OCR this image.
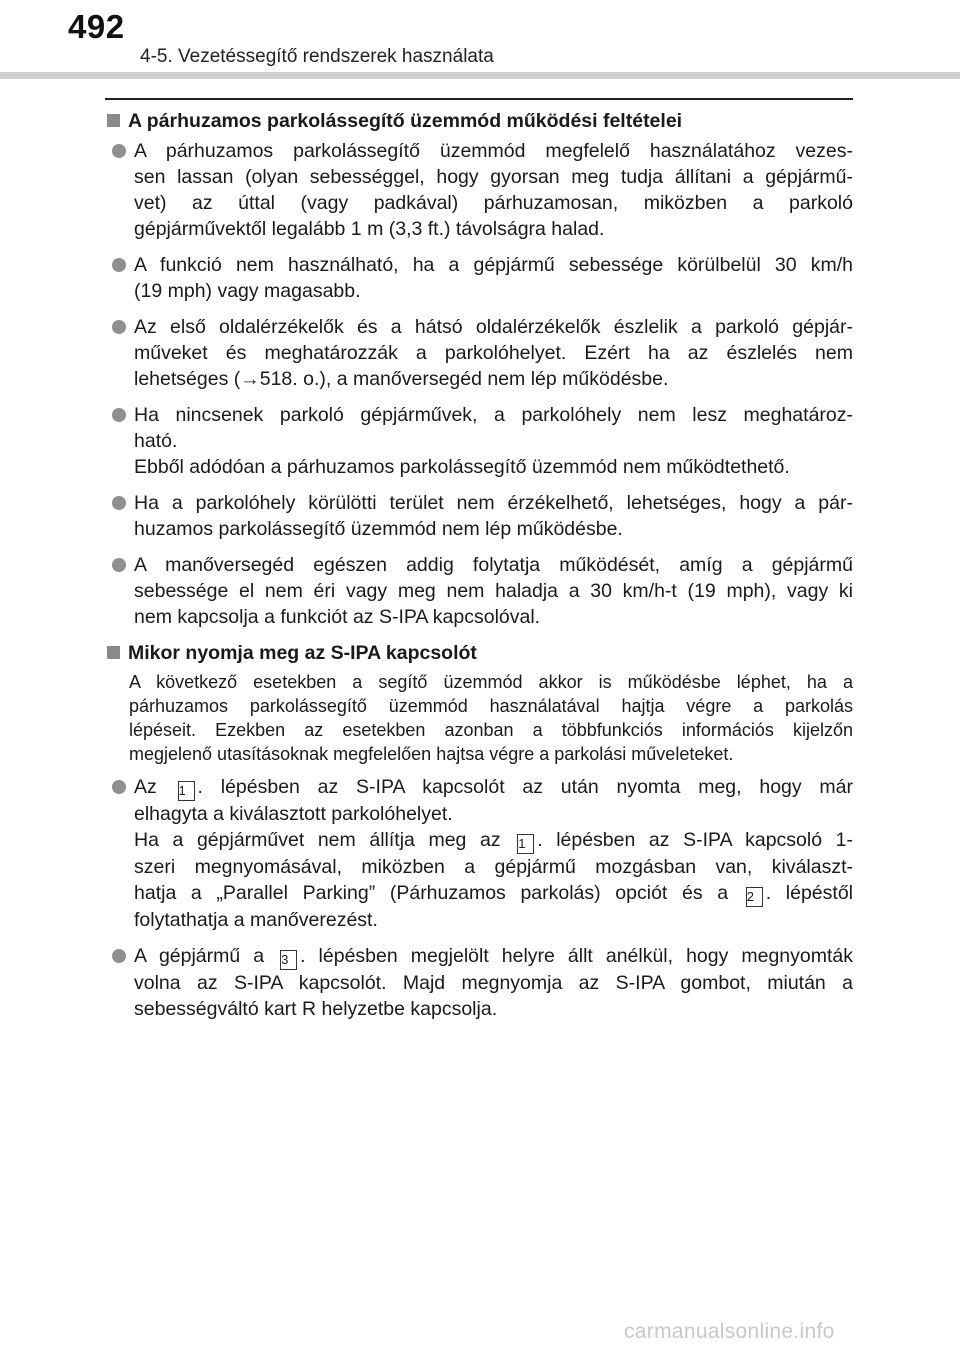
492
4-5. Vezetéssegítő rendszerek használata
A párhuzamos parkolássegítő üzemmód működési feltételei
A párhuzamos parkolássegítő üzemmód megfelelő használatához vezes-
sen lassan (olyan sebességgel, hogy gyorsan meg tudja állítani a gépjármű-
vet) az úttal (vagy padkával) párhuzamosan, miközben a parkoló
gépjárművektől legalább 1 m (3,3 ft.) távolságra halad.
A funkció nem használható, ha a gépjármű sebessége körülbelül 30 km/h
(19 mph) vagy magasabb.
Az első oldalérzékelők és a hátsó oldalérzékelők észlelik a parkoló gépjár-
műveket és meghatározzák a parkolóhelyet. Ezért ha az észlelés nem
lehetséges (→518. o.), a manőversegéd nem lép működésbe.
Ha nincsenek parkoló gépjárművek, a parkolóhely nem lesz meghatároz-
ható.
Ebből adódóan a párhuzamos parkolássegítő üzemmód nem működtethető.
Ha a parkolóhely körülötti terület nem érzékelhető, lehetséges, hogy a pár-
huzamos parkolássegítő üzemmód nem lép működésbe.
A manőversegéd egészen addig folytatja működését, amíg a gépjármű
sebessége el nem éri vagy meg nem haladja a 30 km/h-t (19 mph), vagy ki
nem kapcsolja a funkciót az S-IPA kapcsolóval.
Mikor nyomja meg az S-IPA kapcsolót
A következő esetekben a segítő üzemmód akkor is működésbe léphet, ha a
párhuzamos parkolássegítő üzemmód használatával hajtja végre a parkolás
lépéseit. Ezekben az esetekben azonban a többfunkciós információs kijelzőn
megjelenő utasításoknak megfelelően hajtsa végre a parkolási műveleteket.
Az 1 . lépésben az S-IPA kapcsolót az után nyomta meg, hogy már
elhagyta a kiválasztott parkolóhelyet.
Ha a gépjárművet nem állítja meg az 1 . lépésben az S-IPA kapcsoló 1-
szeri megnyomásával, miközben a gépjármű mozgásban van, kiválaszt-
hatja a „Parallel Parking” (Párhuzamos parkolás) opciót és a 2 . lépéstől
folytathatja a manőverezést.
A gépjármű a 3 . lépésben megjelölt helyre állt anélkül, hogy megnyomták
volna az S-IPA kapcsolót. Majd megnyomja az S-IPA gombot, miután a
sebességváltó kart R helyzetbe kapcsolja.
carmanualsonline.info
